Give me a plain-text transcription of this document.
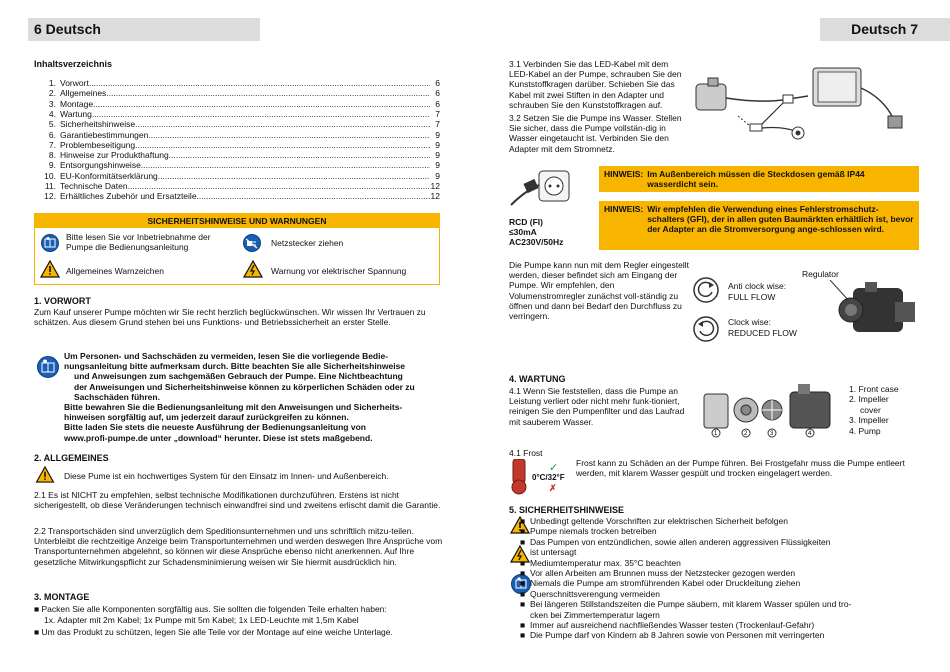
6 Deutsch	Deutsch 7
Inhaltsverzeichnis
1. Vorwort .....	6
2. Allgemeines .....	6
3. Montage .....	6
4. Wartung .....	7
5. Sicherheitshinweise .....	7
6. Garantiebestimmungen .....	9
7. Problembeseitigung .....	9
8. Hinweise zur Produkthaftung .....	9
9. Entsorgungshinweise .....	9
10. EU-Konformitätserklärung .....	9
11. Technische Daten .....	12
12. Erhältliches Zubehör und Ersatzteile .....	12
SICHERHEITSHINWEISE UND WARNUNGEN
Bitte lesen Sie vor Inbetriebnahme der Pumpe die Bedienungsanleitung	Netzstecker ziehen
Allgemeines Warnzeichen	Warnung vor elektrischer Spannung
1. VORWORT
Zum Kauf unserer Pumpe möchten wir Sie recht herzlich beglückwünschen. Wir wissen Ihr Vertrauen zu schätzen. Aus diesem Grund stehen bei uns Funktions- und Betriebssicherheit an erster Stelle.
Um Personen- und Sachschäden zu vermeiden, lesen Sie die vorliegende Bedie-
nungsanleitung bitte aufmerksam durch. Bitte beachten Sie alle Sicherheitshinweise
und Anweisungen zum sachgemäßen Gebrauch der Pumpe. Eine Nichtbeachtung
der Anweisungen und Sicherheitshinweise können zu körperlichen Schäden oder zu
Sachschäden führen.
Bitte bewahren Sie die Bedienungsanleitung mit den Anweisungen und Sicherheits-
hinweisen sorgfältig auf, um jederzeit darauf zurückgreifen zu können.
Bitte laden Sie stets die neueste Ausführung der Bedienungsanleitung von
www.profi-pumpe.de unter „download“ herunter. Diese ist stets maßgebend.
2. ALLGEMEINES
Diese Pume ist ein hochwertiges System für den Einsatz im Innen- und Außenbereich.
2.1 Es ist NICHT zu empfehlen, selbst technische Modifikationen durchzuführen. Erstens ist nicht sicherigestellt, ob diese Veränderungen technisch einwandfrei sind und zweitens erlischt damit die Garantie.
2.2 Transportschäden sind unverzüglich dem Speditionsunternehmen und uns schriftlich mitzu-teilen. Unterbleibt die rechtzeitige Anzeige beim Transportunternehmen und werden deswegen Ihre Ansprüche vom Transportunternehmen abgelehnt, so können wir diese Ansprüche ebenso nicht anerkennen. Auf Ihre gesetzliche Mitwirkungspflicht zur Schadensminimierung weisen wir Sie hiermit ausdrücklich hin.
3. MONTAGE
■ Packen Sie alle Komponenten sorgfältig aus. Sie sollten die folgenden Teile erhalten haben:
1x. Adapter mit 2m Kabel; 1x Pumpe mit 5m Kabel; 1x LED-Leuchte mit 1,5m Kabel
■ Um das Produkt zu schützen, legen Sie alle Teile vor der Montage auf eine weiche Unterlage.
3.1 Verbinden Sie das LED-Kabel mit dem LED-Kabel an der Pumpe, schrauben Sie den Kunststoffkragen darüber. Schieben Sie das Kabel mit zwei Stiften in den Adapter und schrauben Sie den Kunststoffkragen auf.
3.2 Setzen Sie die Pumpe ins Wasser. Stellen Sie sicher, dass die Pumpe vollstän-dig in Wasser eingetaucht ist. Verbinden Sie den Adapter mit dem Stromnetz.
RCD (FI)
≤30mA
AC230V/50Hz
HINWEIS: Im Außenbereich müssen die Steckdosen gemäß IP44 wasserdicht sein.
HINWEIS: Wir empfehlen die Verwendung eines Fehlerstromschutz-schalters (GFI), der in allen guten Baumärkten erhältlich ist, bevor der Adapter an die Stromversorgung ange-schlossen wird.
Die Pumpe kann nun mit dem Regler eingestellt werden, dieser befindet sich am Eingang der Pumpe. Wir empfehlen, den Volumenstromregler zunächst voll-ständig zu öffnen und dann bei Bedarf den Durchfluss zu verringern.
Anti clock wise:
FULL FLOW
Clock wise:
REDUCED FLOW
Regulator
4. WARTUNG
4.1 Wenn Sie feststellen, dass die Pumpe an Leistung verliert oder nicht mehr funk-tioniert, reinigen Sie den Pumpenfilter und das Laufrad mit sauberem Wasser.
1	2	3	4
1. Front case
2. Impeller
cover
3. Impeller
4. Pump
4.1 Frost
✓
0°C/32°F
✗
Frost kann zu Schäden an der Pumpe führen. Bei Frostgefahr muss die Pumpe entleert werden, mit klarem Wasser gespült und trocken eingelagert werden.
5. SICHERHEITSHINWEISE
■ Unbedingt geltende Vorschriften zur elektrischen Sicherheit befolgen
■ Pumpe niemals trocken betreiben
■ Das Pumpen von entzündlichen, sowie allen anderen aggressiven Flüssigkeiten
ist untersagt
■ Mediumtemperatur max. 35°C beachten
■ Vor allen Arbeiten am Brunnen muss der Netzstecker gezogen werden
■ Niemals die Pumpe am stromführenden Kabel oder Druckleitung ziehen
■ Querschnittsverengung vermeiden
■ Bei längeren Stillstandszeiten die Pumpe säubern, mit klarem Wasser spülen und tro-
cken bei Zimmertemperatur lagern
■ Immer auf ausreichend nachfließendes Wasser testen (Trockenlauf-Gefahr)
■ Die Pumpe darf von Kindern ab 8 Jahren sowie von Personen mit verringerten
